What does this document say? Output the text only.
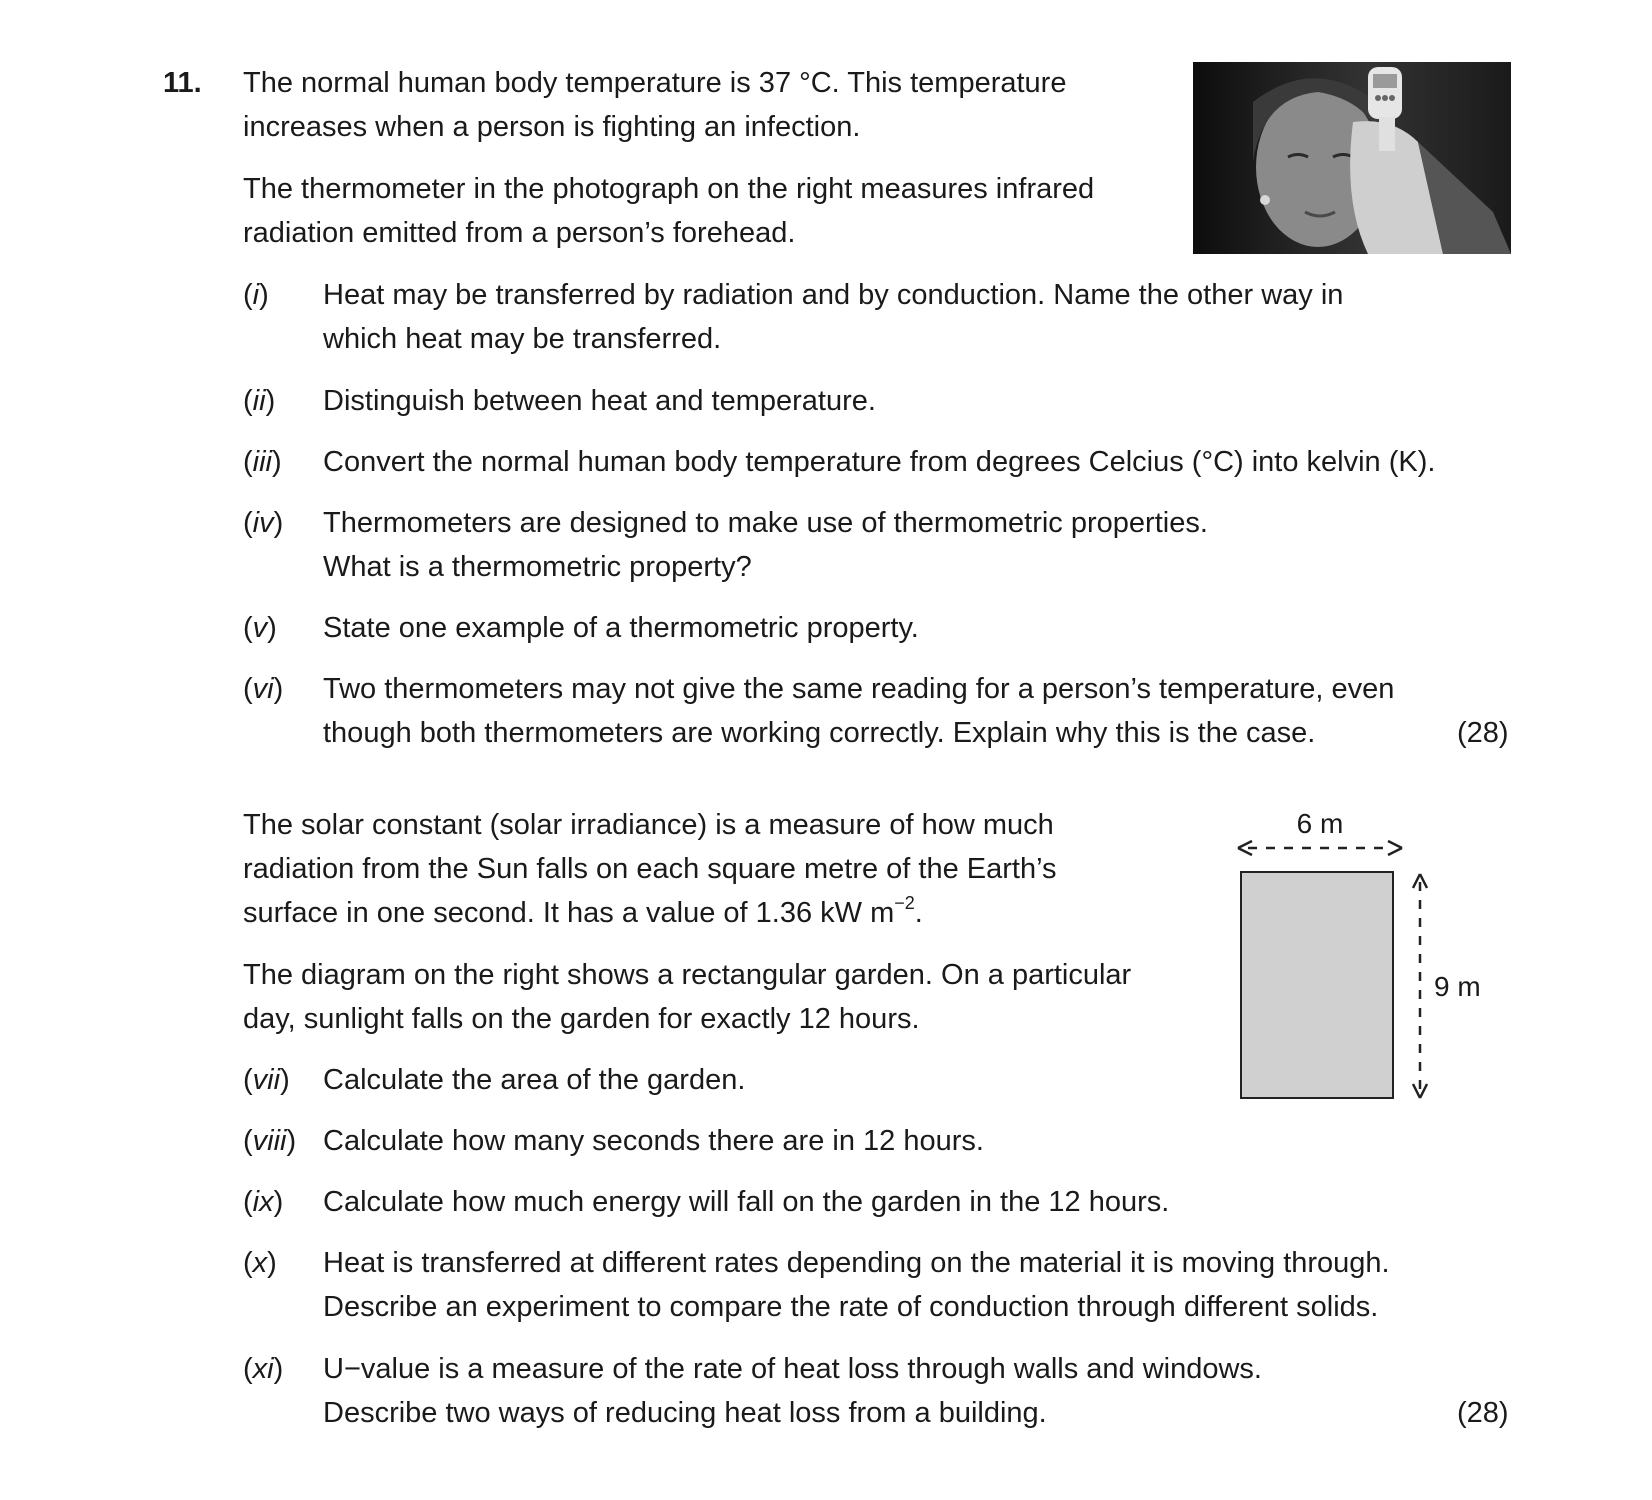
11. The normal human body temperature is 37 °C. This temperature
increases when a person is fighting an infection.
The thermometer in the photograph on the right measures infrared
radiation emitted from a person’s forehead.
(i) Heat may be transferred by radiation and by conduction. Name the other way in
which heat may be transferred.
(ii) Distinguish between heat and temperature.
(iii) Convert the normal human body temperature from degrees Celcius (°C) into kelvin (K).
(iv) Thermometers are designed to make use of thermometric properties.
What is a thermometric property?
(v) State one example of a thermometric property.
(vi) Two thermometers may not give the same reading for a person’s temperature, even
though both thermometers are working correctly. Explain why this is the case.	(28)
The solar constant (solar irradiance) is a measure of how much
radiation from the Sun falls on each square metre of the Earth’s
surface in one second. It has a value of 1.36 kW $m^{-2}$.
The diagram on the right shows a rectangular garden. On a particular
day, sunlight falls on the garden for exactly 12 hours.
6 m
9 m
(vii) Calculate the area of the garden.
(viii) Calculate how many seconds there are in 12 hours.
(ix) Calculate how much energy will fall on the garden in the 12 hours.
(x) Heat is transferred at different rates depending on the material it is moving through.
Describe an experiment to compare the rate of conduction through different solids.
(xi) U−value is a measure of the rate of heat loss through walls and windows.
Describe two ways of reducing heat loss from a building.	(28)
